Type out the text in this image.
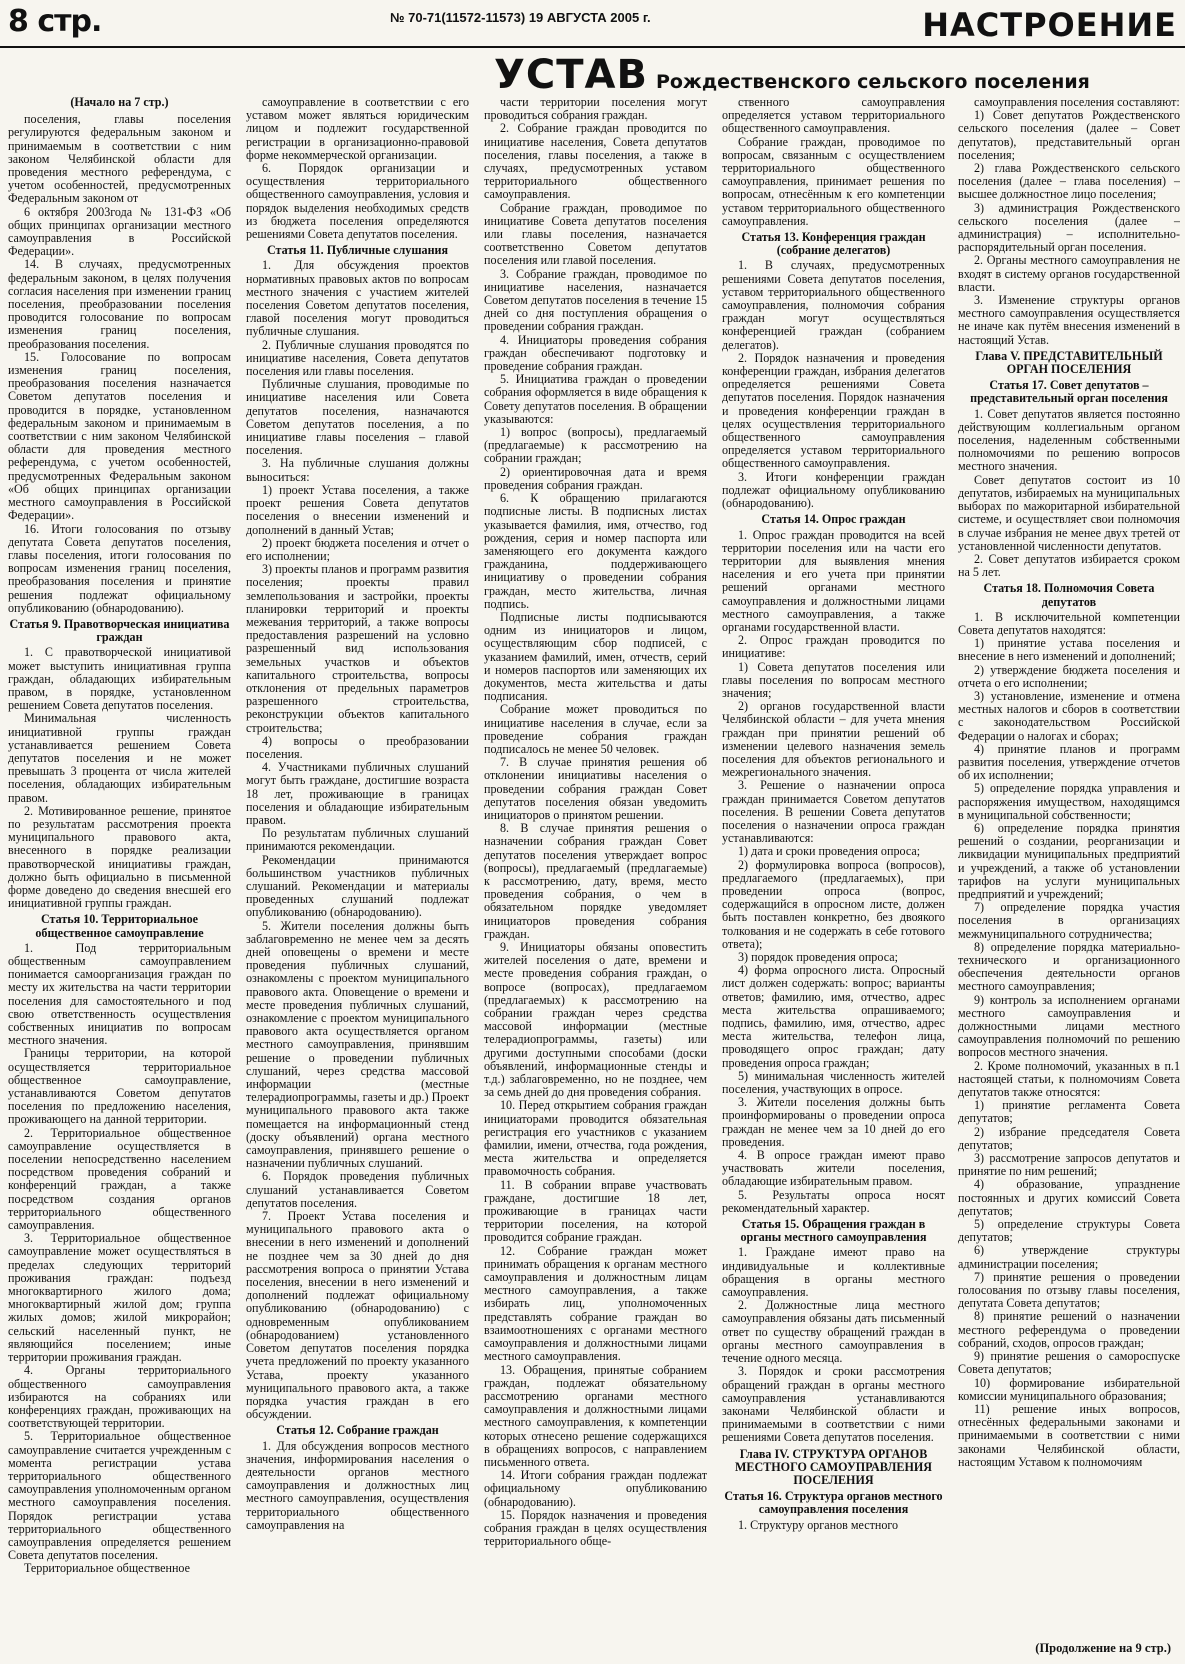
8 стр.	№ 70-71(11572-11573) 19 АВГУСТА 2005 г.	НАСТРОЕНИЕ
УСТАВ Рождественского сельского поселения

(Начало на 7 стр.)

поселения, главы поселения регулируются федеральным законом и принимаемым в соответствии с ним законом Челябинской области для проведения местного референдума, с учетом особенностей, предусмотренных Федеральным законом от

6 октября 2003года № 131-ФЗ «Об общих принципах организации местного самоуправления в Российской Федерации».

14. В случаях, предусмотренных федеральным законом, в целях получения согласия населения при изменении границ поселения, преобразовании поселения проводится голосование по вопросам изменения границ поселения, преобразования поселения.

15. Голосование по вопросам изменения границ поселения, преобразования поселения назначается Советом депутатов поселения и проводится в порядке, установленном федеральным законом и принимаемым в соответствии с ним законом Челябинской области для проведения местного референдума, с учетом особенностей, предусмотренных Федеральным законом «Об общих принципах организации местного самоуправления в Российской Федерации».

16. Итоги голосования по отзыву депутата Совета депутатов поселения, главы поселения, итоги голосования по вопросам изменения границ поселения, преобразования поселения и принятие решения подлежат официальному опубликованию (обнародованию).

Статья 9. Правотворческая инициатива граждан

1. С правотворческой инициативой может выступить инициативная группа граждан, обладающих избирательным правом, в порядке, установленном решением Совета депутатов поселения.

Минимальная численность инициативной группы граждан устанавливается решением Совета депутатов поселения и не может превышать 3 процента от числа жителей поселения, обладающих избирательным правом.

2. Мотивированное решение, принятое по результатам рассмотрения проекта муниципального правового акта, внесенного в порядке реализации правотворческой инициативы граждан, должно быть официально в письменной форме доведено до сведения внесшей его инициативной группы граждан.

Статья 10. Территориальное общественное самоуправление

1. Под территориальным общественным самоуправлением понимается самоорганизация граждан по месту их жительства на части территории поселения для самостоятельного и под свою ответственность осуществления собственных инициатив по вопросам местного значения.

Границы территории, на которой осуществляется территориальное общественное самоуправление, устанавливаются Советом депутатов поселения по предложению населения, проживающего на данной территории.

2. Территориальное общественное самоуправление осуществляется в поселении непосредственно населением посредством проведения собраний и конференций граждан, а также посредством создания органов территориального общественного самоуправления.

3. Территориальное общественное самоуправление может осуществляться в пределах следующих территорий проживания граждан: подъезд многоквартирного жилого дома; многоквартирный жилой дом; группа жилых домов; жилой микрорайон; сельский населенный пункт, не являющийся поселением; иные территории проживания граждан.

4. Органы территориального общественного самоуправления избираются на собраниях или конференциях граждан, проживающих на соответствующей территории.

5. Территориальное общественное самоуправление считается учрежденным с момента регистрации устава территориального общественного самоуправления уполномоченным органом местного самоуправления поселения. Порядок регистрации устава территориального общественного самоуправления определяется решением Совета депутатов поселения.

Территориальное общественное

самоуправление в соответствии с его уставом может являться юридическим лицом и подлежит государственной регистрации в организационно-правовой форме некоммерческой организации.

6. Порядок организации и осуществления территориального общественного самоуправления, условия и порядок выделения необходимых средств из бюджета поселения определяются решениями Совета депутатов поселения.

Статья 11. Публичные слушания

1. Для обсуждения проектов нормативных правовых актов по вопросам местного значения с участием жителей поселения Советом депутатов поселения, главой поселения могут проводиться публичные слушания.

2. Публичные слушания проводятся по инициативе населения, Совета депутатов поселения или главы поселения.

Публичные слушания, проводимые по инициативе населения или Совета депутатов поселения, назначаются Советом депутатов поселения, а по инициативе главы поселения – главой поселения.

3. На публичные слушания должны выноситься:

1) проект Устава поселения, а также проект решения Совета депутатов поселения о внесении изменений и дополнений в данный Устав;

2) проект бюджета поселения и отчет о его исполнении;

3) проекты планов и программ развития поселения; проекты правил землепользования и застройки, проекты планировки территорий и проекты межевания территорий, а также вопросы предоставления разрешений на условно разрешенный вид использования земельных участков и объектов капитального строительства, вопросы отклонения от предельных параметров разрешенного строительства, реконструкции объектов капитального строительства;

4) вопросы о преобразовании поселения.

4. Участниками публичных слушаний могут быть граждане, достигшие возраста 18 лет, проживающие в границах поселения и обладающие избирательным правом.

По результатам публичных слушаний принимаются рекомендации.

Рекомендации принимаются большинством участников публичных слушаний. Рекомендации и материалы проведенных слушаний подлежат опубликованию (обнародованию).

5. Жители поселения должны быть заблаговременно не менее чем за десять дней оповещены о времени и месте проведения публичных слушаний, ознакомлены с проектом муниципального правового акта. Оповещение о времени и месте проведения публичных слушаний, ознакомление с проектом муниципального правового акта осуществляется органом местного самоуправления, принявшим решение о проведении публичных слушаний, через средства массовой информации (местные телерадиопрограммы, газеты и др.) Проект муниципального правового акта также помещается на информационный стенд (доску объявлений) органа местного самоуправления, принявшего решение о назначении публичных слушаний.

6. Порядок проведения публичных слушаний устанавливается Советом депутатов поселения.

7. Проект Устава поселения и муниципального правового акта о внесении в него изменений и дополнений не позднее чем за 30 дней до дня рассмотрения вопроса о принятии Устава поселения, внесении в него изменений и дополнений подлежат официальному опубликованию (обнародованию) с одновременным опубликованием (обнародованием) установленного Советом депутатов поселения порядка учета предложений по проекту указанного Устава, проекту указанного муниципального правового акта, а также порядка участия граждан в его обсуждении.

Статья 12. Собрание граждан

1. Для обсуждения вопросов местного значения, информирования населения о деятельности органов местного самоуправления и должностных лиц местного самоуправления, осуществления территориального общественного самоуправления на

части территории поселения могут проводиться собрания граждан.

2. Собрание граждан проводится по инициативе населения, Совета депутатов поселения, главы поселения, а также в случаях, предусмотренных уставом территориального общественного самоуправления.

Собрание граждан, проводимое по инициативе Совета депутатов поселения или главы поселения, назначается соответственно Советом депутатов поселения или главой поселения.

3. Собрание граждан, проводимое по инициативе населения, назначается Советом депутатов поселения в течение 15 дней со дня поступления обращения о проведении собрания граждан.

4. Инициаторы проведения собрания граждан обеспечивают подготовку и проведение собрания граждан.

5. Инициатива граждан о проведении собрания оформляется в виде обращения к Совету депутатов поселения. В обращении указываются:

1) вопрос (вопросы), предлагаемый (предлагаемые) к рассмотрению на собрании граждан;

2) ориентировочная дата и время проведения собрания граждан.

6. К обращению прилагаются подписные листы. В подписных листах указывается фамилия, имя, отчество, год рождения, серия и номер паспорта или заменяющего его документа каждого гражданина, поддерживающего инициативу о проведении собрания граждан, место жительства, личная подпись.

Подписные листы подписываются одним из инициаторов и лицом, осуществляющим сбор подписей, с указанием фамилий, имен, отчеств, серий и номеров паспортов или заменяющих их документов, места жительства и даты подписания.

Собрание может проводиться по инициативе населения в случае, если за проведение собрания граждан подписалось не менее 50 человек.

7. В случае принятия решения об отклонении инициативы населения о проведении собрания граждан Совет депутатов поселения обязан уведомить инициаторов о принятом решении.

8. В случае принятия решения о назначении собрания граждан Совет депутатов поселения утверждает вопрос (вопросы), предлагаемый (предлагаемые) к рассмотрению, дату, время, место проведения собрания, о чем в обязательном порядке уведомляет инициаторов проведения собрания граждан.

9. Инициаторы обязаны оповестить жителей поселения о дате, времени и месте проведения собрания граждан, о вопросе (вопросах), предлагаемом (предлагаемых) к рассмотрению на собрании граждан через средства массовой информации (местные телерадиопрограммы, газеты) или другими доступными способами (доски объявлений, информационные стенды и т.д.) заблаговременно, но не позднее, чем за семь дней до дня проведения собрания.

10. Перед открытием собрания граждан инициаторами проводится обязательная регистрация его участников с указанием фамилии, имени, отчества, года рождения, места жительства и определяется правомочность собрания.

11. В собрании вправе участвовать граждане, достигшие 18 лет, проживающие в границах части территории поселения, на которой проводится собрание граждан.

12. Собрание граждан может принимать обращения к органам местного самоуправления и должностным лицам местного самоуправления, а также избирать лиц, уполномоченных представлять собрание граждан во взаимоотношениях с органами местного самоуправления и должностными лицами местного самоуправления.

13. Обращения, принятые собранием граждан, подлежат обязательному рассмотрению органами местного самоуправления и должностными лицами местного самоуправления, к компетенции которых отнесено решение содержащихся в обращениях вопросов, с направлением письменного ответа.

14. Итоги собрания граждан подлежат официальному опубликованию (обнародованию).

15. Порядок назначения и проведения собрания граждан в целях осуществления территориального обще-

ственного самоуправления определяется уставом территориального общественного самоуправления.

Собрание граждан, проводимое по вопросам, связанным с осуществлением территориального общественного самоуправления, принимает решения по вопросам, отнесённым к его компетенции уставом территориального общественного самоуправления.

Статья 13. Конференция граждан (собрание делегатов)

1. В случаях, предусмотренных решениями Совета депутатов поселения, уставом территориального общественного самоуправления, полномочия собрания граждан могут осуществляться конференцией граждан (собранием делегатов).

2. Порядок назначения и проведения конференции граждан, избрания делегатов определяется решениями Совета депутатов поселения. Порядок назначения и проведения конференции граждан в целях осуществления территориального общественного самоуправления определяется уставом территориального общественного самоуправления.

3. Итоги конференции граждан подлежат официальному опубликованию (обнародованию).

Статья 14. Опрос граждан

1. Опрос граждан проводится на всей территории поселения или на части его территории для выявления мнения населения и его учета при принятии решений органами местного самоуправления и должностными лицами местного самоуправления, а также органами государственной власти.

2. Опрос граждан проводится по инициативе:

1) Совета депутатов поселения или главы поселения по вопросам местного значения;

2) органов государственной власти Челябинской области – для учета мнения граждан при принятии решений об изменении целевого назначения земель поселения для объектов регионального и межрегионального значения.

3. Решение о назначении опроса граждан принимается Советом депутатов поселения. В решении Совета депутатов поселения о назначении опроса граждан устанавливаются:

1) дата и сроки проведения опроса;

2) формулировка вопроса (вопросов), предлагаемого (предлагаемых), при проведении опроса (вопрос, содержащийся в опросном листе, должен быть поставлен конкретно, без двоякого толкования и не содержать в себе готового ответа);

3) порядок проведения опроса;

4) форма опросного листа. Опросный лист должен содержать: вопрос; варианты ответов; фамилию, имя, отчество, адрес места жительства опрашиваемого; подпись, фамилию, имя, отчество, адрес места жительства, телефон лица, проводящего опрос граждан; дату проведения опроса граждан;

5) минимальная численность жителей поселения, участвующих в опросе.

3. Жители поселения должны быть проинформированы о проведении опроса граждан не менее чем за 10 дней до его проведения.

4. В опросе граждан имеют право участвовать жители поселения, обладающие избирательным правом.

5. Результаты опроса носят рекомендательный характер.

Статья 15. Обращения граждан в органы местного самоуправления

1. Граждане имеют право на индивидуальные и коллективные обращения в органы местного самоуправления.

2. Должностные лица местного самоуправления обязаны дать письменный ответ по существу обращений граждан в органы местного самоуправления в течение одного месяца.

3. Порядок и сроки рассмотрения обращений граждан в органы местного самоуправления устанавливаются законами Челябинской области и принимаемыми в соответствии с ними решениями Совета депутатов поселения.

Глава IV. СТРУКТУРА ОРГАНОВ МЕСТНОГО САМОУПРАВЛЕНИЯ ПОСЕЛЕНИЯ

Статья 16. Структура органов местного самоуправления поселения

1. Структуру органов местного

самоуправления поселения составляют:

1) Совет депутатов Рождественского сельского поселения (далее – Совет депутатов), представительный орган поселения;

2) глава Рождественского сельского поселения (далее – глава поселения) – высшее должностное лицо поселения;

3) администрация Рождественского сельского поселения (далее – администрация) – исполнительно-распорядительный орган поселения.

2. Органы местного самоуправления не входят в систему органов государственной власти.

3. Изменение структуры органов местного самоуправления осуществляется не иначе как путём внесения изменений в настоящий Устав.

Глава V. ПРЕДСТАВИТЕЛЬНЫЙ ОРГАН ПОСЕЛЕНИЯ

Статья 17. Совет депутатов – представительный орган поселения

1. Совет депутатов является постоянно действующим коллегиальным органом поселения, наделенным собственными полномочиями по решению вопросов местного значения.

Совет депутатов состоит из 10 депутатов, избираемых на муниципальных выборах по мажоритарной избирательной системе, и осуществляет свои полномочия в случае избрания не менее двух третей от установленной численности депутатов.

2. Совет депутатов избирается сроком на 5 лет.

Статья 18. Полномочия Совета депутатов

1. В исключительной компетенции Совета депутатов находятся:

1) принятие устава поселения и внесение в него изменений и дополнений;

2) утверждение бюджета поселения и отчета о его исполнении;

3) установление, изменение и отмена местных налогов и сборов в соответствии с законодательством Российской Федерации о налогах и сборах;

4) принятие планов и программ развития поселения, утверждение отчетов об их исполнении;

5) определение порядка управления и распоряжения имуществом, находящимся в муниципальной собственности;

6) определение порядка принятия решений о создании, реорганизации и ликвидации муниципальных предприятий и учреждений, а также об установлении тарифов на услуги муниципальных предприятий и учреждений;

7) определение порядка участия поселения в организациях межмуниципального сотрудничества;

8) определение порядка материально-технического и организационного обеспечения деятельности органов местного самоуправления;

9) контроль за исполнением органами местного самоуправления и должностными лицами местного самоуправления полномочий по решению вопросов местного значения.

2. Кроме полномочий, указанных в п.1 настоящей статьи, к полномочиям Совета депутатов также относятся:

1) принятие регламента Совета депутатов;

2) избрание председателя Совета депутатов;

3) рассмотрение запросов депутатов и принятие по ним решений;

4) образование, упразднение постоянных и других комиссий Совета депутатов;

5) определение структуры Совета депутатов;

6) утверждение структуры администрации поселения;

7) принятие решения о проведении голосования по отзыву главы поселения, депутата Совета депутатов;

8) принятие решений о назначении местного референдума о проведении собраний, сходов, опросов граждан;

9) принятие решения о самороспуске Совета депутатов;

10) формирование избирательной комиссии муниципального образования;

11) решение иных вопросов, отнесённых федеральными законами и принимаемыми в соответствии с ними законами Челябинской области, настоящим Уставом к полномочиям

(Продолжение на 9 стр.)
